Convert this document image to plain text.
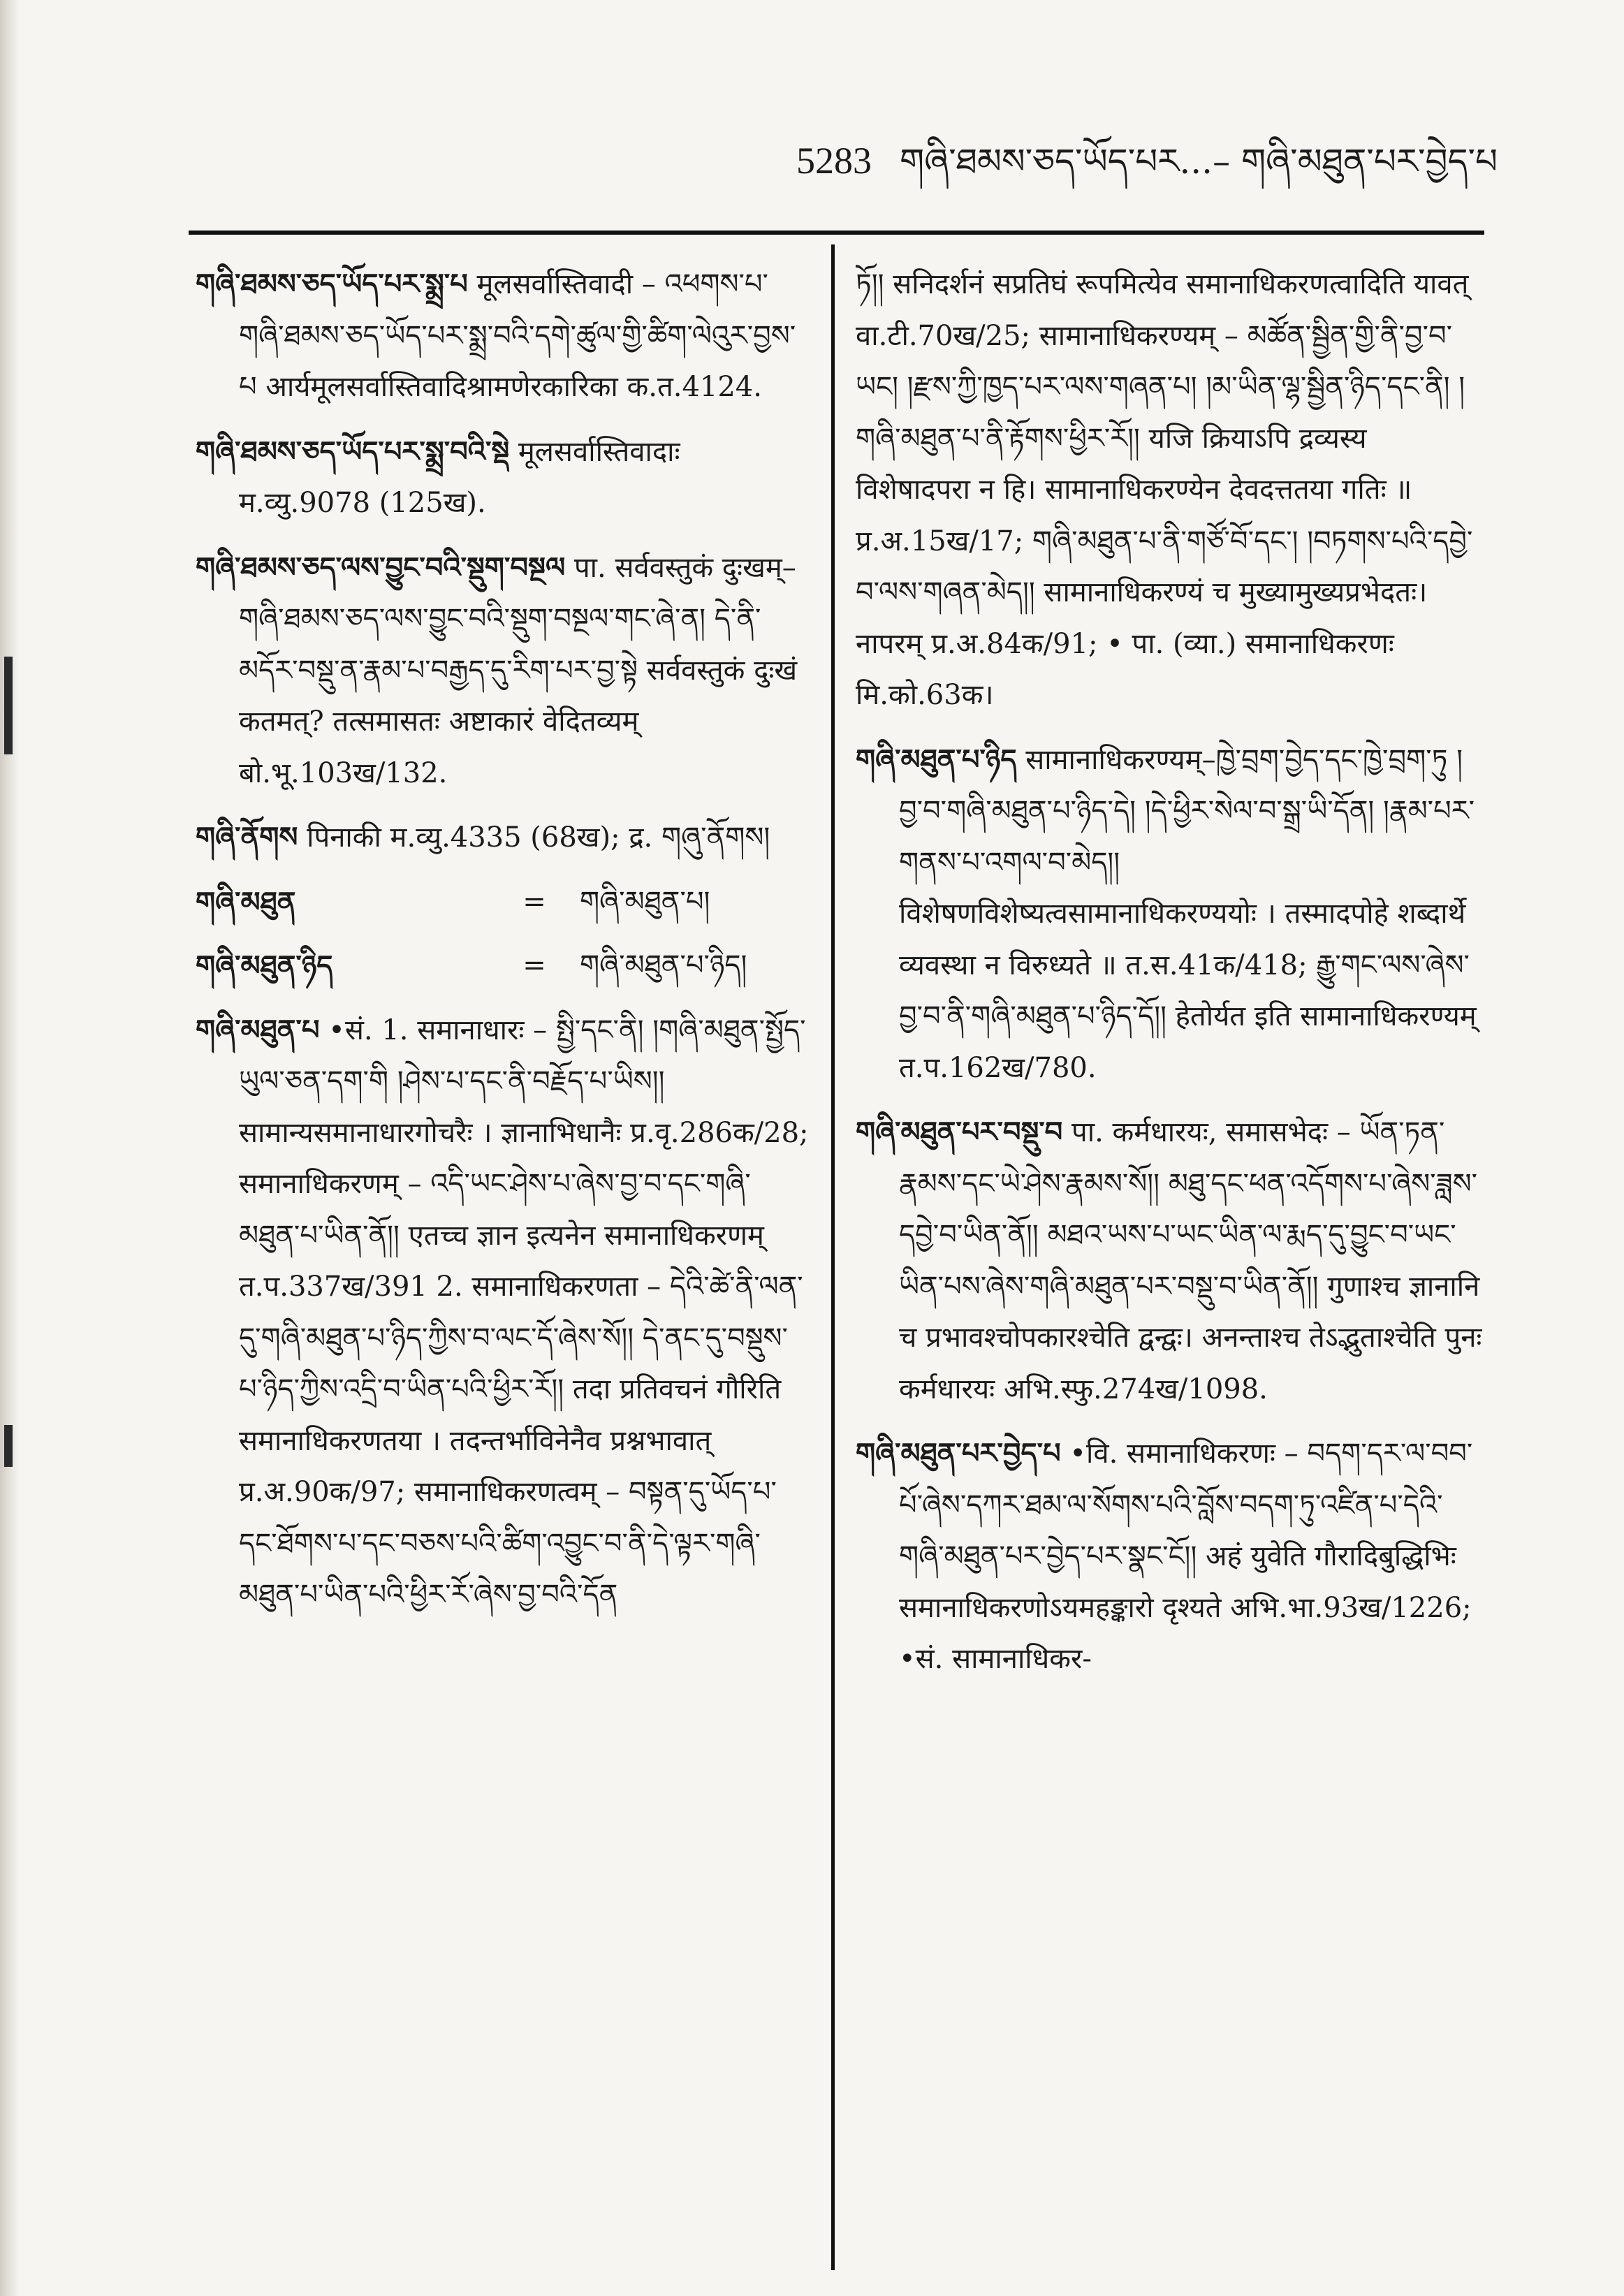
5283 གཞི་ཐམས་ཅད་ཡོད་པར...– གཞི་མཐུན་པར་བྱེད་པ
གཞི་ཐམས་ཅད་ཡོད་པར་སྨྲ་པ मूलसर्वास्तिवादी – འཕགས་པ་གཞི་ཐམས་ཅད་ཡོད་པར་སྨྲ་བའི་དགེ་ཚུལ་གྱི་ཚིག་ལེའུར་བྱས་པ आर्यमूलसर्वास्तिवादिश्रामणेरकारिका क.त.4124.
གཞི་ཐམས་ཅད་ཡོད་པར་སྨྲ་བའི་སྡེ मूलसर्वास्तिवादाः म.व्यु.9078 (125ख).
གཞི་ཐམས་ཅད་ལས་བྱུང་བའི་སྡུག་བསྔལ पा. सर्ववस्तुकं दुःखम्–གཞི་ཐམས་ཅད་ལས་བྱུང་བའི་སྡུག་བསྔལ་གང་ཞེ་ན། དེ་ནི་མདོར་བསྡུ་ན་རྣམ་པ་བརྒྱད་དུ་རིག་པར་བྱ་སྟེ सर्ववस्तुकं दुःखं कतमत्? तत्समासतः अष्टाकारं वेदितव्यम् बो.भू.103ख/132.
གཞི་ནོགས पिनाकी म.व्यु.4335 (68ख); द्र. གཞུ་ནོགས།
གཞི་མཐུན	=	གཞི་མཐུན་པ།
གཞི་མཐུན་ཉིད	=	གཞི་མཐུན་པ་ཉིད།
གཞི་མཐུན་པ •सं. 1. समानाधारः – སྤྱི་དང་ནི། །གཞི་མཐུན་སྤྱོད་ཡུལ་ཅན་དག་གི །ཤེས་པ་དང་ནི་བརྗོད་པ་ཡིས།། सामान्यसमानाधारगोचरैः । ज्ञानाभिधानैः प्र.वृ.286क/28; समानाधिकरणम् – འདི་ཡང་ཤེས་པ་ཞེས་བྱ་བ་དང་གཞི་མཐུན་པ་ཡིན་ནོ།། एतच्च ज्ञान इत्यनेन समानाधिकरणम् त.प.337ख/391 2. समानाधिकरणता – དེའི་ཚེ་ནི་ལན་དུ་གཞི་མཐུན་པ་ཉིད་ཀྱིས་བ་ལང་དོ་ཞེས་སོ།། དེ་ནང་དུ་བསྡུས་པ་ཉིད་ཀྱིས་འདྲི་བ་ཡིན་པའི་ཕྱིར་རོ།། तदा प्रतिवचनं गौरिति समानाधिकरणतया । तदन्तर्भाविनेनैव प्रश्नभावात् प्र.अ.90क/97; समानाधिकरणत्वम् – བསྟན་དུ་ཡོད་པ་དང་ཐོགས་པ་དང་བཅས་པའི་ཚིག་འབྱུང་བ་ནི་དེ་ལྟར་གཞི་མཐུན་པ་ཡིན་པའི་ཕྱིར་རོ་ཞེས་བྱ་བའི་དོན
ཏོ།། सनिदर्शनं सप्रतिघं रूपमित्येव समानाधिकरणत्वादिति यावत् वा.टी.70ख/25; सामानाधिकरण्यम् – མཚོན་སྦྱིན་གྱི་ནི་བྱ་བ་ཡང། །རྫས་ཀྱི་ཁྱད་པར་ལས་གཞན་པ། །མ་ཡིན་ལྷ་སྦྱིན་ཉིད་དང་ནི། །གཞི་མཐུན་པ་ནི་རྟོགས་ཕྱིར་རོ།། यजि क्रियाऽपि द्रव्यस्य विशेषादपरा न हि। सामानाधिकरण्येन देवदत्ततया गतिः ॥ प्र.अ.15ख/17; གཞི་མཐུན་པ་ནི་གཙོ་བོ་དང་། །བཏགས་པའི་དབྱེ་བ་ལས་གཞན་མེད།། सामानाधिकरण्यं च मुख्यामुख्यप्रभेदतः। नापरम् प्र.अ.84क/91; • पा. (व्या.) समानाधिकरणः मि.को.63क।
གཞི་མཐུན་པ་ཉིད सामानाधिकरण्यम्–ཁྱེ་བྲག་བྱེད་དང་ཁྱེ་བྲག་ཏུ །བྱ་བ་གཞི་མཐུན་པ་ཉིད་དེ། །དེ་ཕྱིར་སེལ་བ་སྒྲ་ཡི་དོན། །རྣམ་པར་གནས་པ་འགལ་བ་མེད།། विशेषणविशेष्यत्वसामानाधिकरण्ययोः । तस्मादपोहे शब्दार्थे व्यवस्था न विरुध्यते ॥ त.स.41क/418; རྒྱུ་གང་ལས་ཞེས་བྱ་བ་ནི་གཞི་མཐུན་པ་ཉིད་དོ།། हेतोर्यत इति सामानाधिकरण्यम् त.प.162ख/780.
གཞི་མཐུན་པར་བསྡུ་བ पा. कर्मधारयः, समासभेदः – ཡོན་ཏན་རྣམས་དང་ཡེ་ཤེས་རྣམས་སོ།། མཐུ་དང་ཕན་འདོགས་པ་ཞེས་ཟླས་དབྱེ་བ་ཡིན་ནོ།། མཐའ་ཡས་པ་ཡང་ཡིན་ལ་རྨད་དུ་བྱུང་བ་ཡང་ཡིན་པས་ཞེས་གཞི་མཐུན་པར་བསྡུ་བ་ཡིན་ནོ།། गुणाश्च ज्ञानानि च प्रभावश्चोपकारश्चेति द्वन्द्वः। अनन्ताश्च तेऽद्भुताश्चेति पुनः कर्मधारयः अभि.स्फु.274ख/1098.
གཞི་མཐུན་པར་བྱེད་པ •वि. समानाधिकरणः – བདག་དར་ལ་བབ་པོ་ཞེས་དཀར་ཐམ་ལ་སོགས་པའི་བློས་བདག་ཏུ་འཛིན་པ་དེའི་གཞི་མཐུན་པར་བྱེད་པར་སྣང་ངོ།། अहं युवेति गौरादिबुद्धिभिः समानाधिकरणोऽयमहङ्कारो दृश्यते अभि.भा.93ख/1226; •सं. सामानाधिकर-
